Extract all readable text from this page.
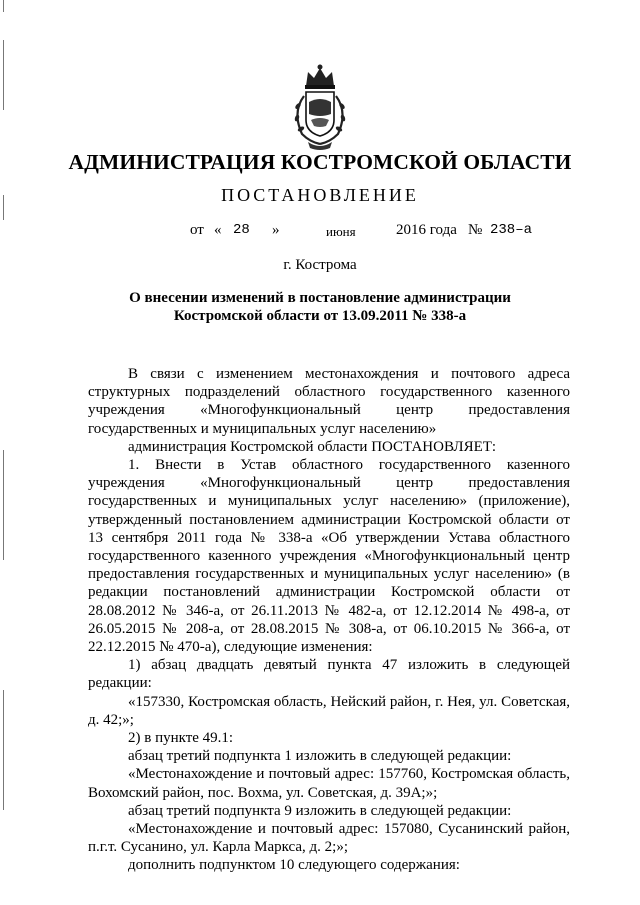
АДМИНИСТРАЦИЯ КОСТРОМСКОЙ ОБЛАСТИ
ПОСТАНОВЛЕНИЕ
от « 28 »	июня	2016 года № 238–а
г. Кострома
О внесении изменений в постановление администрации
Костромской области от 13.09.2011 № 338-а

В связи с изменением местонахождения и почтового адреса структурных подразделений областного государственного казенного учреждения «Многофункциональный центр предоставления государственных и муниципальных услуг населению»

администрация Костромской области ПОСТАНОВЛЯЕТ:

1. Внести в Устав областного государственного казенного учреждения «Многофункциональный центр предоставления государственных и муниципальных услуг населению» (приложение), утвержденный постановлением администрации Костромской области от 13 сентября 2011 года № 338-а «Об утверждении Устава областного государственного казенного учреждения «Многофункциональный центр предоставления государственных и муниципальных услуг населению» (в редакции постановлений администрации Костромской области от 28.08.2012 № 346-а, от 26.11.2013 № 482-а, от 12.12.2014 № 498-а, от 26.05.2015 № 208-а, от 28.08.2015 № 308-а, от 06.10.2015 № 366-а, от 22.12.2015 № 470-а), следующие изменения:

1) абзац двадцать девятый пункта 47 изложить в следующей редакции:

«157330, Костромская область, Нейский район, г. Нея, ул. Советская, д. 42;»;

2) в пункте 49.1:

абзац третий подпункта 1 изложить в следующей редакции:

«Местонахождение и почтовый адрес: 157760, Костромская область, Вохомский район, пос. Вохма, ул. Советская, д. 39А;»;

абзац третий подпункта 9 изложить в следующей редакции:

«Местонахождение и почтовый адрес: 157080, Сусанинский район, п.г.т. Сусанино, ул. Карла Маркса, д. 2;»;

дополнить подпунктом 10 следующего содержания:
